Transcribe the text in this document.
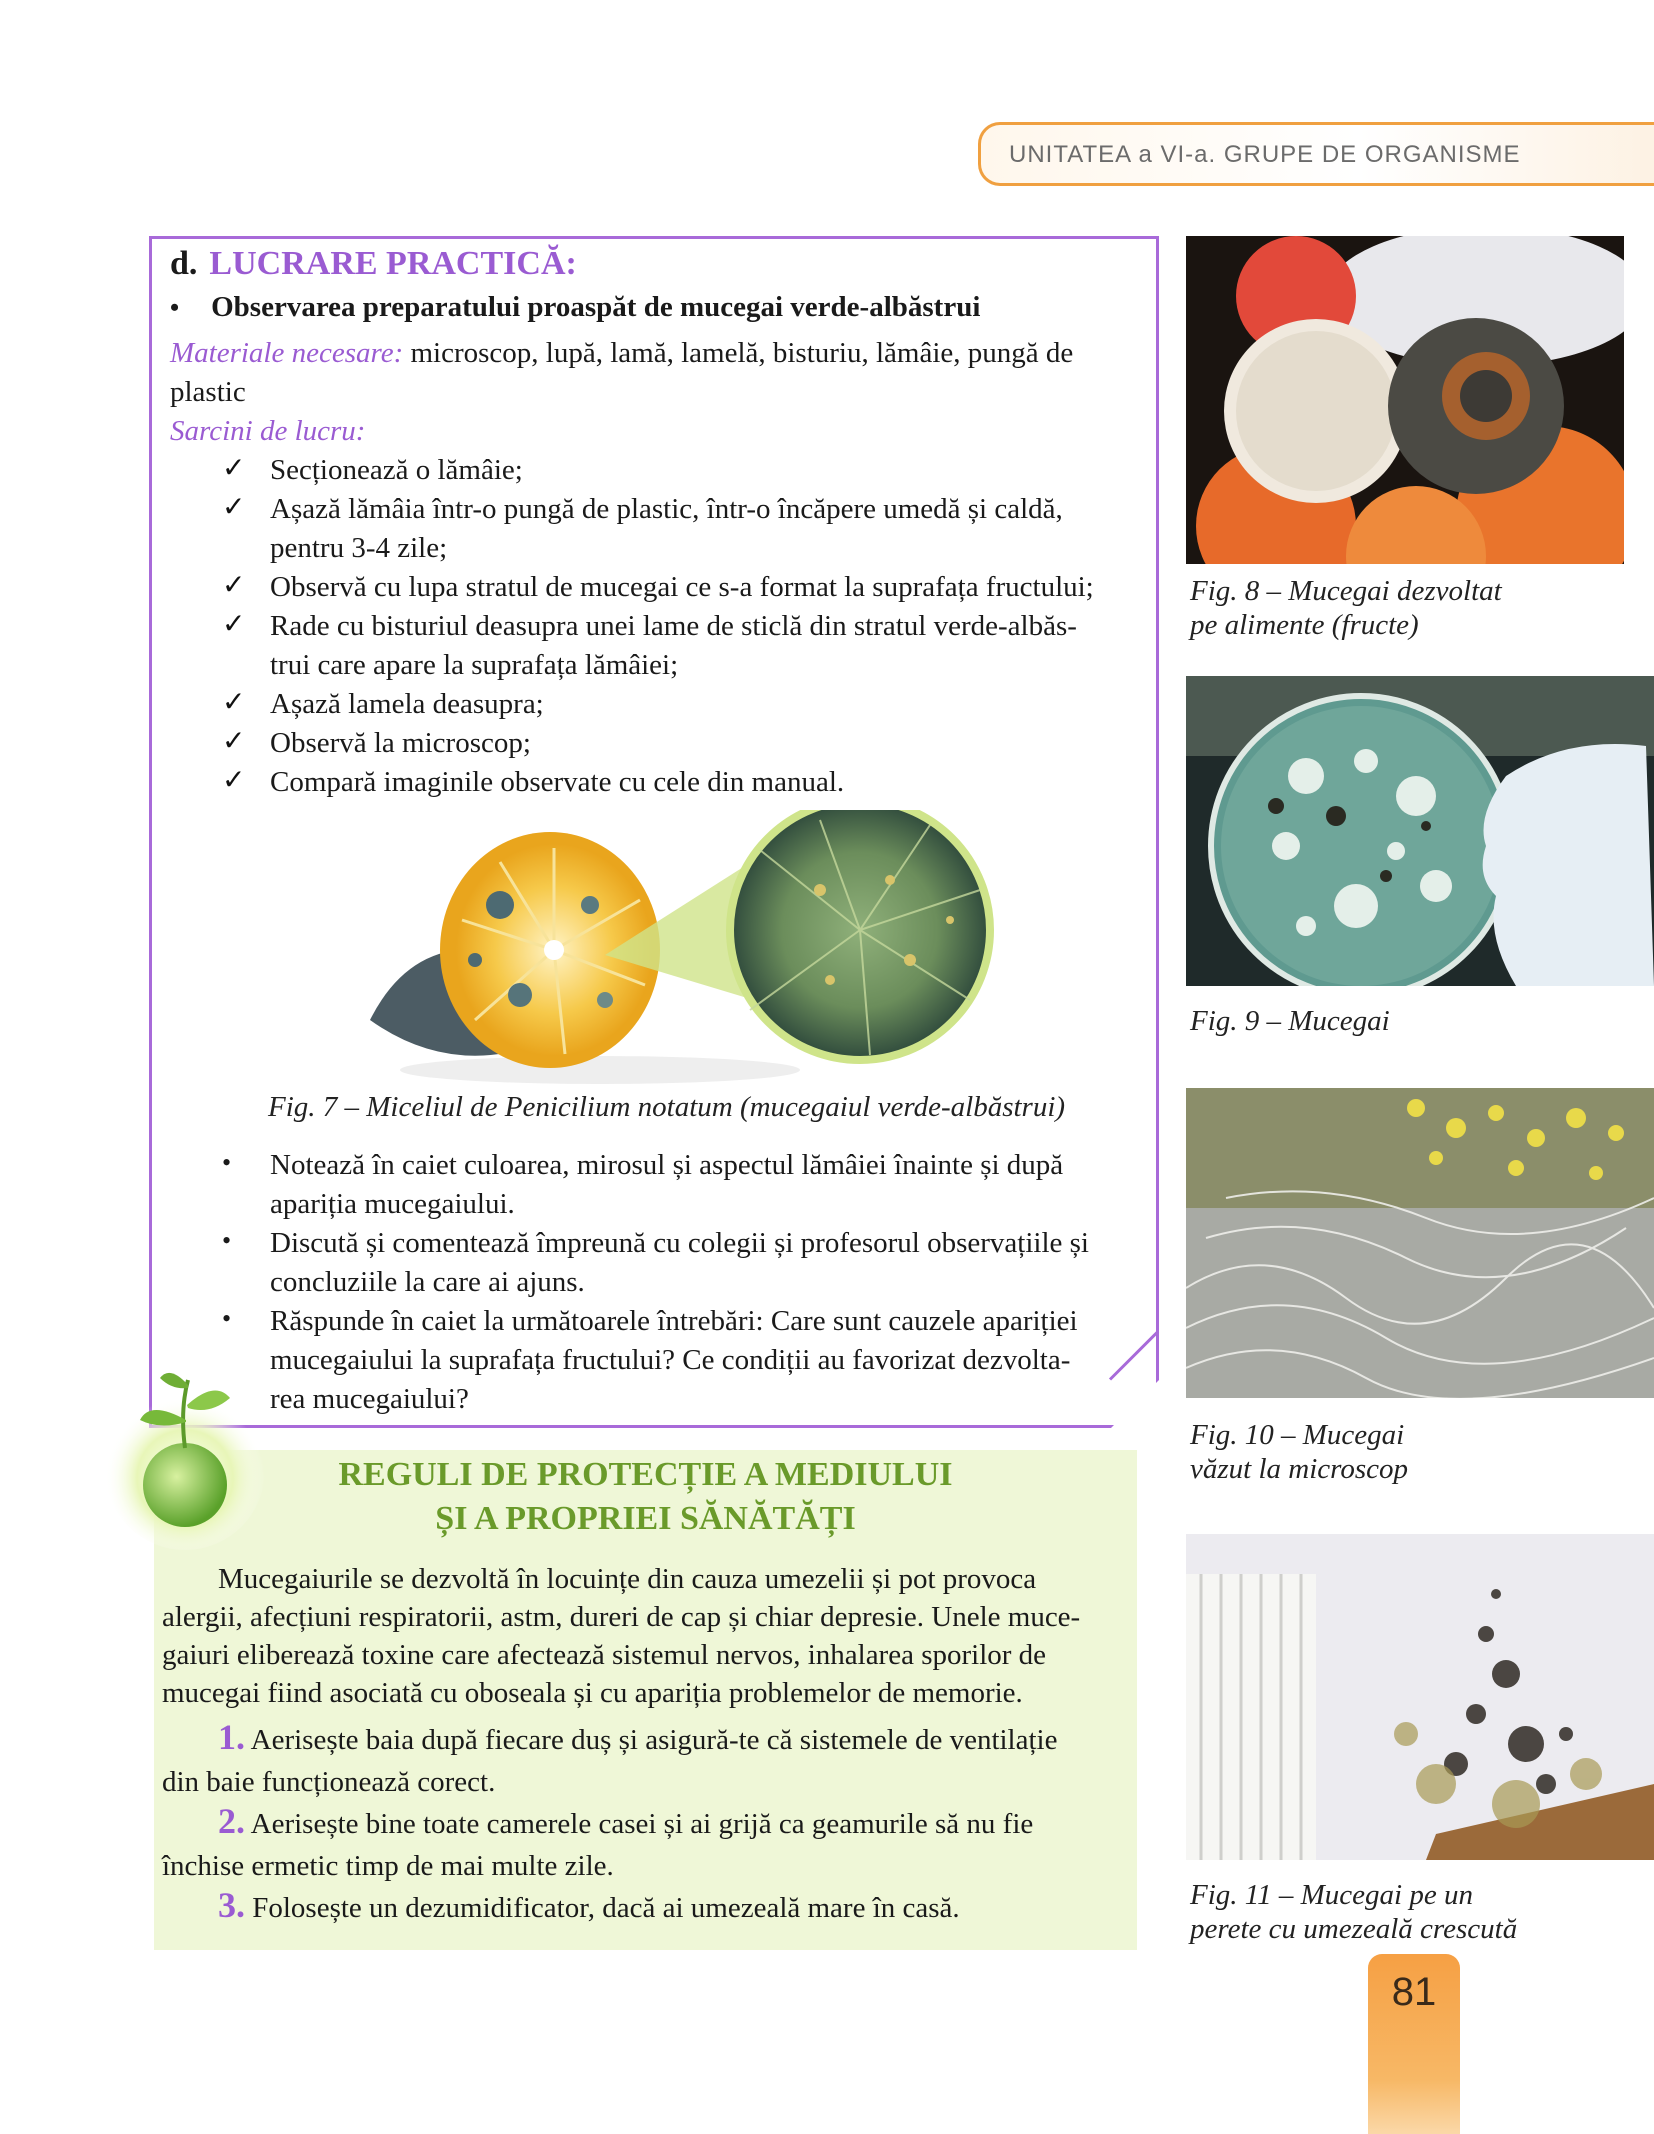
UNITATEA a VI-a. GRUPE DE ORGANISME
d. LUCRARE PRACTICĂ:
• Observarea preparatului proaspăt de mucegai verde-albăstrui
Materiale necesare: microscop, lupă, lamă, lamelă, bisturiu, lămâie, pungă de
plastic
Sarcini de lucru:
✓ Secționează o lămâie;
✓ Așază lămâia într-o pungă de plastic, într-o încăpere umedă și caldă,
pentru 3-4 zile;
✓ Observă cu lupa stratul de mucegai ce s-a format la suprafața fructului;
✓ Rade cu bisturiul deasupra unei lame de sticlă din stratul verde-albăs-
trui care apare la suprafața lămâiei;
✓ Așază lamela deasupra;
✓ Observă la microscop;
✓ Compară imaginile observate cu cele din manual.
Fig. 7 – Miceliul de Penicilium notatum (mucegaiul verde-albăstrui)
• Notează în caiet culoarea, mirosul și aspectul lămâiei înainte și după
apariția mucegaiului.
• Discută și comentează împreună cu colegii și profesorul observațiile și
concluziile la care ai ajuns.
• Răspunde în caiet la următoarele întrebări: Care sunt cauzele apariției
mucegaiului la suprafața fructului? Ce condiții au favorizat dezvolta-
rea mucegaiului?
REGULI DE PROTECȚIE A MEDIULUI
ȘI A PROPRIEI SĂNĂTĂȚI
Mucegaiurile se dezvoltă în locuințe din cauza umezelii și pot provoca
alergii, afecțiuni respiratorii, astm, dureri de cap și chiar depresie. Unele muce-
gaiuri eliberează toxine care afectează sistemul nervos, inhalarea sporilor de
mucegai fiind asociată cu oboseala și cu apariția problemelor de memorie.
1. Aerisește baia după fiecare duș și asigură-te că sistemele de ventilație
din baie funcționează corect.
2. Aerisește bine toate camerele casei și ai grijă ca geamurile să nu fie
închise ermetic timp de mai multe zile.
3. Folosește un dezumidificator, dacă ai umezeală mare în casă.
Fig. 8 – Mucegai dezvoltat
pe alimente (fructe)
Fig. 9 – Mucegai
Fig. 10 – Mucegai
văzut la microscop
Fig. 11 – Mucegai pe un
perete cu umezeală crescută
81
